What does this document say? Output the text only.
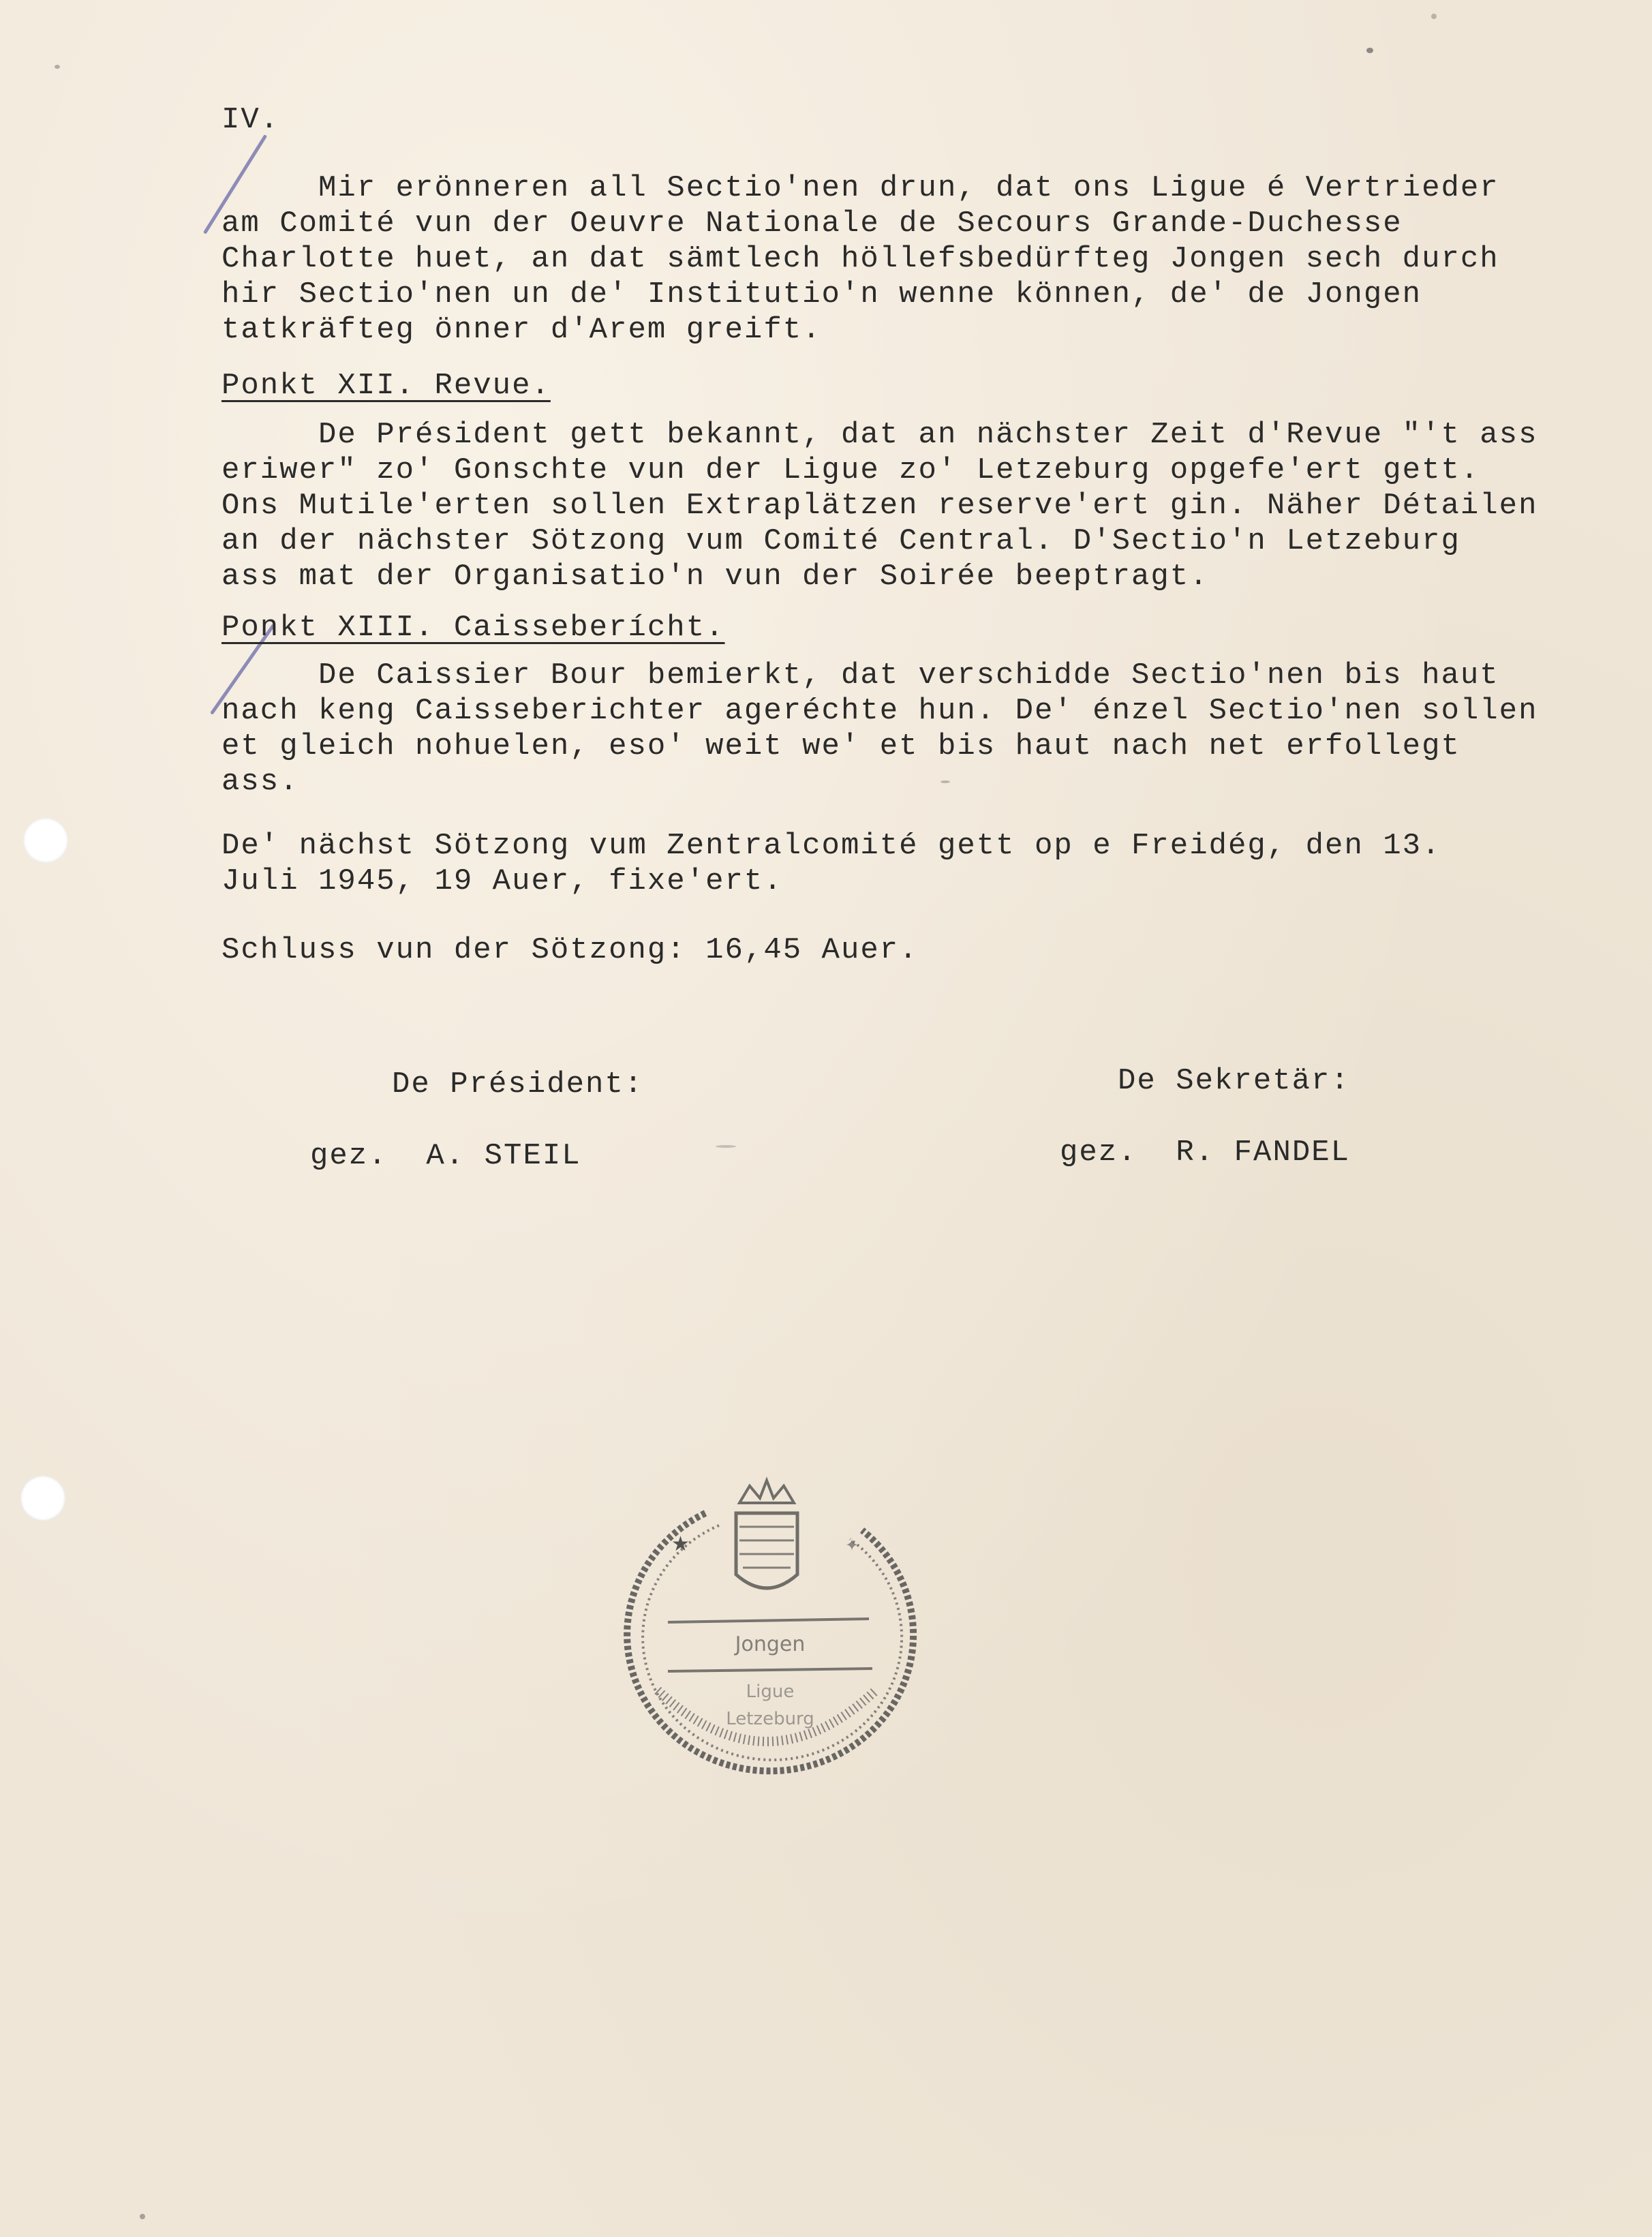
IV.
Mir erönneren all Sectio'nen drun, dat ons Ligue é Vertrieder
am Comité vun der Oeuvre Nationale de Secours Grande-Duchesse
Charlotte huet, an dat sämtlech höllefsbedürfteg Jongen sech durch
hir Sectio'nen un de' Institutio'n wenne können, de' de Jongen
tatkräfteg önner d'Arem greift.
Ponkt XII. Revue.
De Président gett bekannt, dat an nächster Zeit d'Revue "'t ass
eriwer" zo' Gonschte vun der Ligue zo' Letzeburg opgefe'ert gett.
Ons Mutile'erten sollen Extraplätzen reserve'ert gin. Näher Détailen
an der nächster Sötzong vum Comité Central. D'Sectio'n Letzeburg
ass mat der Organisatio'n vun der Soirée beeptragt.
Ponkt XIII. Caisseberícht.
De Caissier Bour bemierkt, dat verschidde Sectio'nen bis haut
nach keng Caisseberichter ageréchte hun. De' énzel Sectio'nen sollen
et gleich nohuelen, eso' weit we' et bis haut nach net erfollegt
ass.
De' nächst Sötzong vum Zentralcomité gett op e Freidég, den 13.
Juli 1945, 19 Auer, fixe'ert.
Schluss vun der Sötzong: 16,45 Auer.
De Président:
gez.  A. STEIL
De Sekretär:
gez.  R. FANDEL
★	✦
Jongen
Ligue
Letzeburg
